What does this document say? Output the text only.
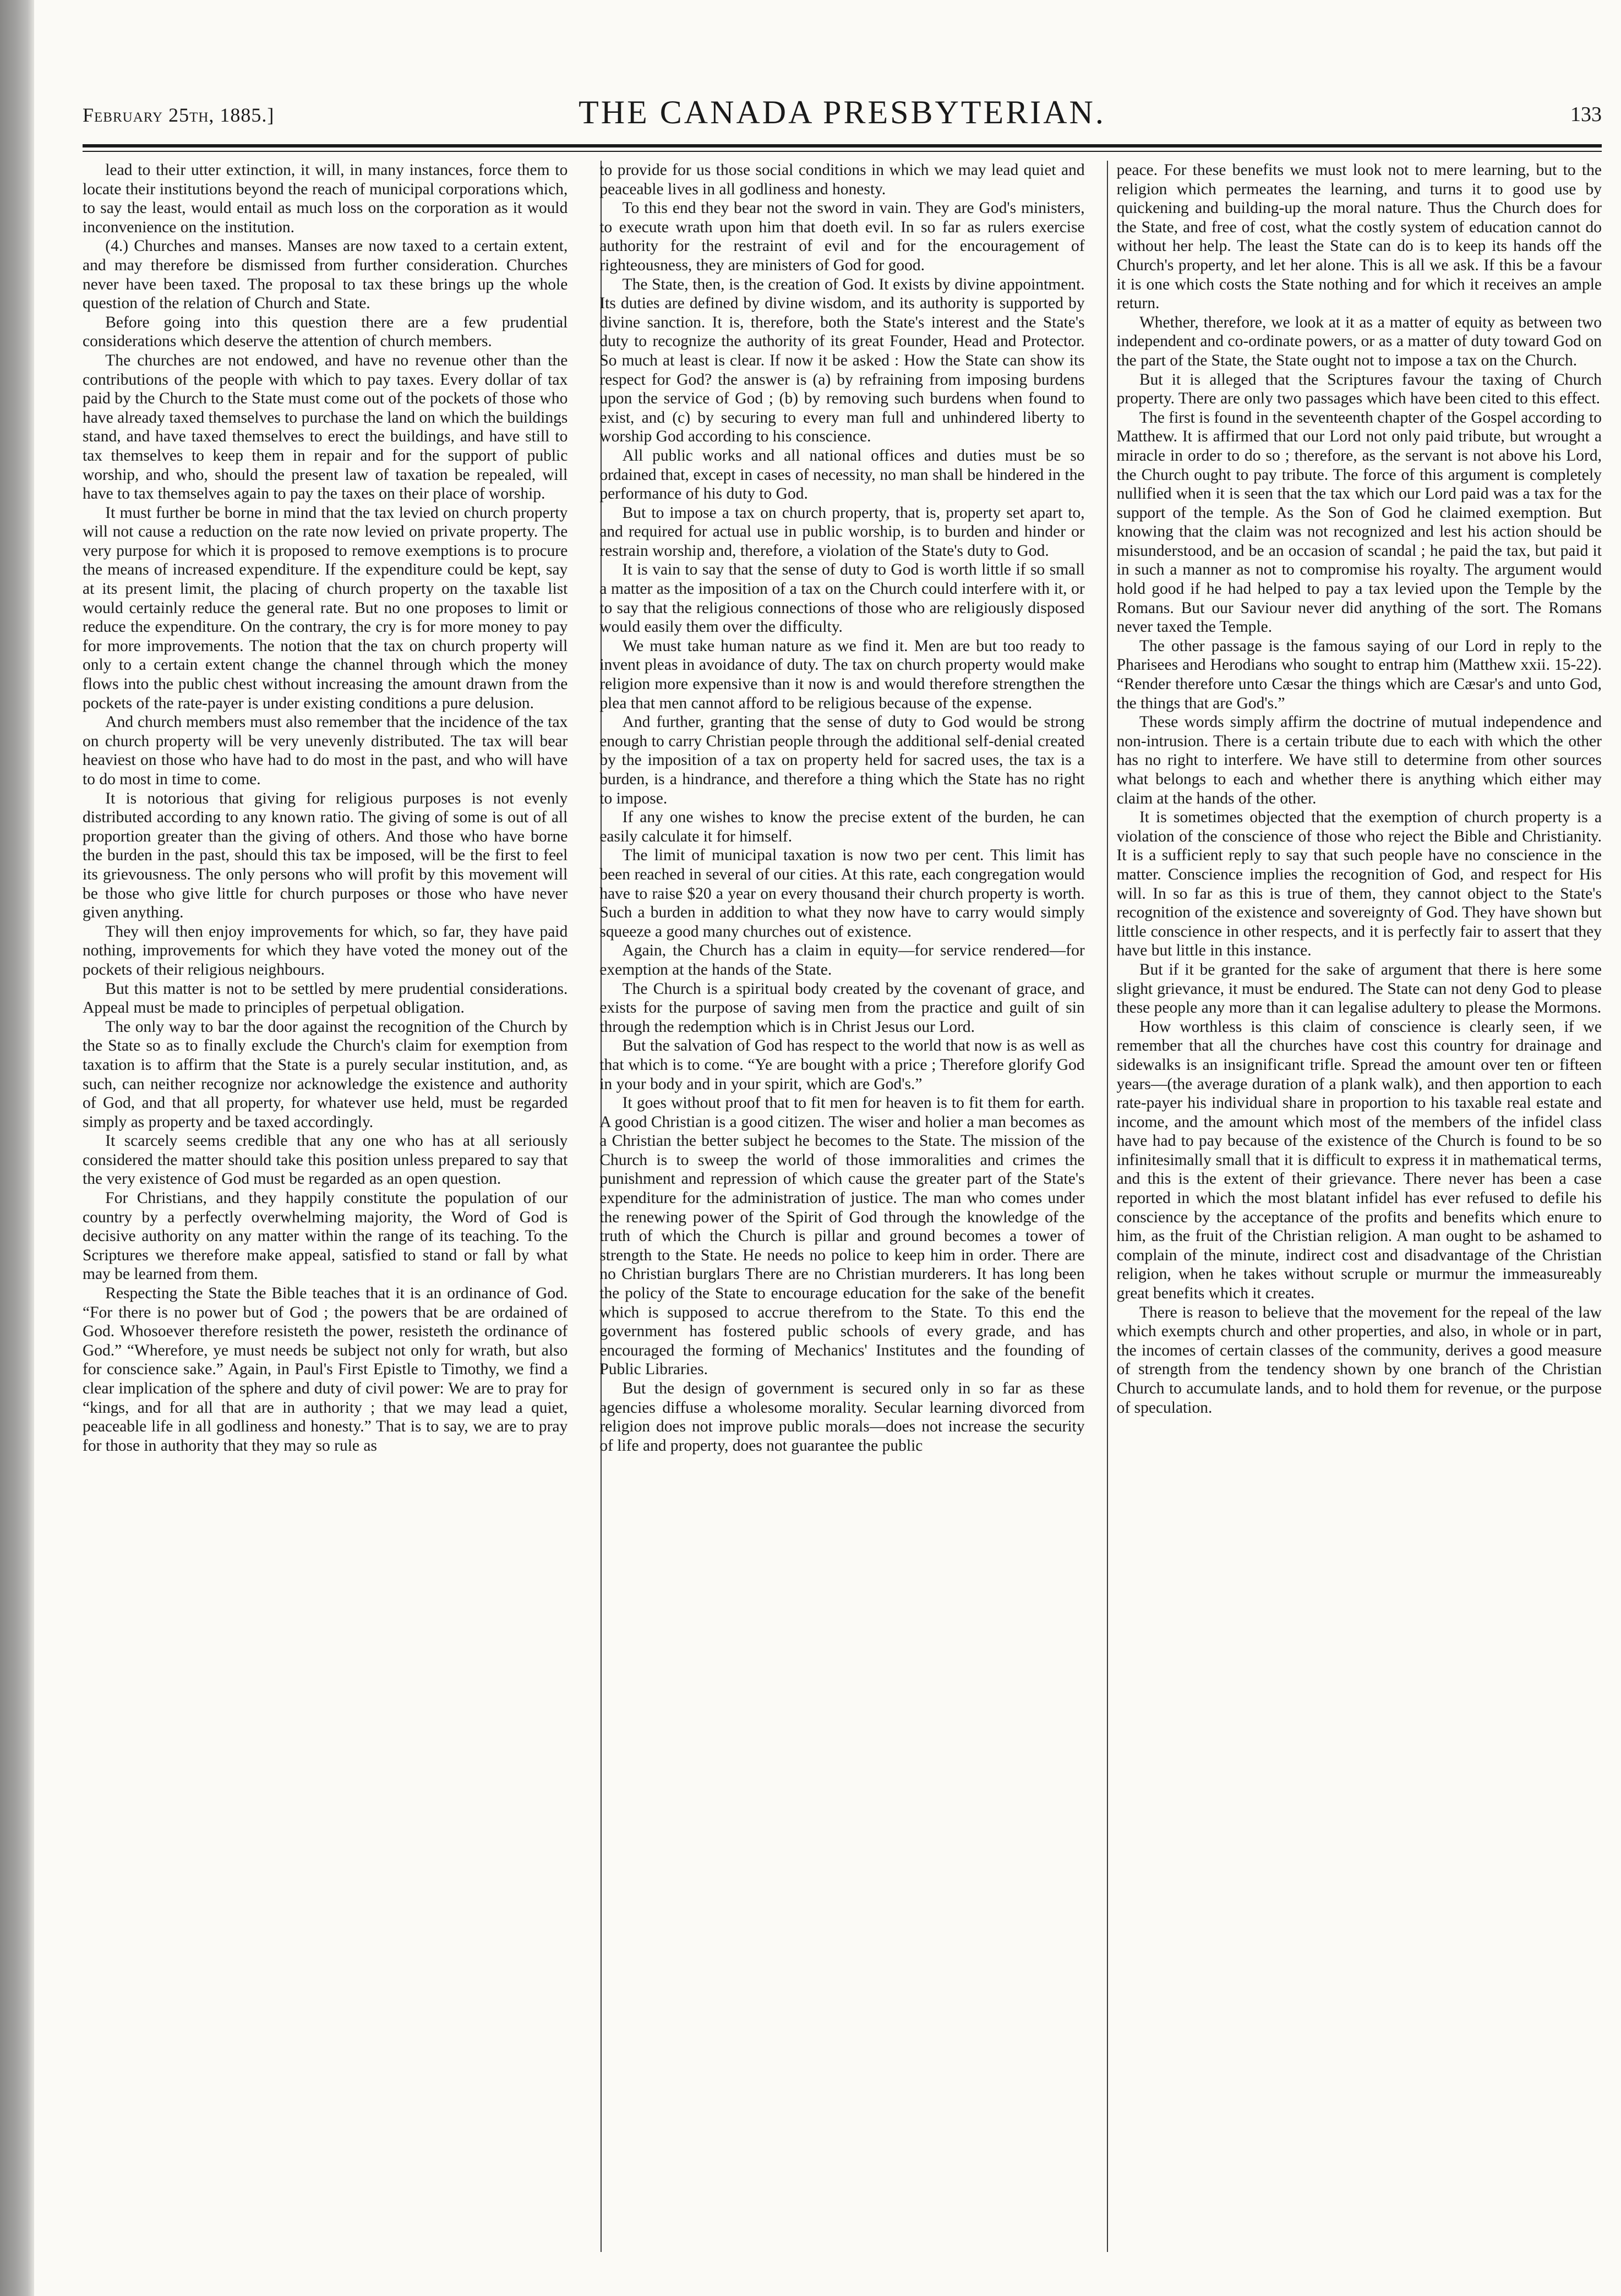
February 25th, 1885.]	THE CANADA PRESBYTERIAN.	133

lead to their utter extinction, it will, in many instances, force them to locate their institutions beyond the reach of municipal corporations which, to say the least, would entail as much loss on the corporation as it would inconvenience on the institution.

(4.) Churches and manses. Manses are now taxed to a certain extent, and may therefore be dismissed from further consideration. Churches never have been taxed. The proposal to tax these brings up the whole question of the relation of Church and State.

Before going into this question there are a few prudential considerations which deserve the attention of church members.

The churches are not endowed, and have no revenue other than the contributions of the people with which to pay taxes. Every dollar of tax paid by the Church to the State must come out of the pockets of those who have already taxed themselves to purchase the land on which the buildings stand, and have taxed themselves to erect the buildings, and have still to tax themselves to keep them in repair and for the support of public worship, and who, should the present law of taxation be repealed, will have to tax themselves again to pay the taxes on their place of worship.

It must further be borne in mind that the tax levied on church property will not cause a reduction on the rate now levied on private property. The very purpose for which it is proposed to remove exemptions is to procure the means of increased expenditure. If the expenditure could be kept, say at its present limit, the placing of church property on the taxable list would certainly reduce the general rate. But no one proposes to limit or reduce the expenditure. On the contrary, the cry is for more money to pay for more improvements. The notion that the tax on church property will only to a certain extent change the channel through which the money flows into the public chest without increasing the amount drawn from the pockets of the rate-payer is under existing conditions a pure delusion.

And church members must also remember that the incidence of the tax on church property will be very unevenly distributed. The tax will bear heaviest on those who have had to do most in the past, and who will have to do most in time to come.

It is notorious that giving for religious purposes is not evenly distributed according to any known ratio. The giving of some is out of all proportion greater than the giving of others. And those who have borne the burden in the past, should this tax be imposed, will be the first to feel its grievousness. The only persons who will profit by this movement will be those who give little for church purposes or those who have never given anything.

They will then enjoy improvements for which, so far, they have paid nothing, improvements for which they have voted the money out of the pockets of their religious neighbours.

But this matter is not to be settled by mere prudential considerations. Appeal must be made to principles of perpetual obligation.

The only way to bar the door against the recognition of the Church by the State so as to finally exclude the Church's claim for exemption from taxation is to affirm that the State is a purely secular institution, and, as such, can neither recognize nor acknowledge the existence and authority of God, and that all property, for whatever use held, must be regarded simply as property and be taxed accordingly.

It scarcely seems credible that any one who has at all seriously considered the matter should take this position unless prepared to say that the very existence of God must be regarded as an open question.

For Christians, and they happily constitute the population of our country by a perfectly overwhelming majority, the Word of God is decisive authority on any matter within the range of its teaching. To the Scriptures we therefore make appeal, satisfied to stand or fall by what may be learned from them.

Respecting the State the Bible teaches that it is an ordinance of God. “For there is no power but of God ; the powers that be are ordained of God. Whosoever therefore resisteth the power, resisteth the ordinance of God.” “Wherefore, ye must needs be subject not only for wrath, but also for conscience sake.” Again, in Paul's First Epistle to Timothy, we find a clear implication of the sphere and duty of civil power: We are to pray for “kings, and for all that are in authority ; that we may lead a quiet, peaceable life in all godliness and honesty.” That is to say, we are to pray for those in authority that they may so rule as

to provide for us those social conditions in which we may lead quiet and peaceable lives in all godliness and honesty.

To this end they bear not the sword in vain. They are God's ministers, to execute wrath upon him that doeth evil. In so far as rulers exercise authority for the restraint of evil and for the encouragement of righteousness, they are ministers of God for good.

The State, then, is the creation of God. It exists by divine appointment. Its duties are defined by divine wisdom, and its authority is supported by divine sanction. It is, therefore, both the State's interest and the State's duty to recognize the authority of its great Founder, Head and Protector. So much at least is clear. If now it be asked : How the State can show its respect for God? the answer is (a) by refraining from imposing burdens upon the service of God ; (b) by removing such burdens when found to exist, and (c) by securing to every man full and unhindered liberty to worship God according to his conscience.

All public works and all national offices and duties must be so ordained that, except in cases of necessity, no man shall be hindered in the performance of his duty to God.

But to impose a tax on church property, that is, property set apart to, and required for actual use in public worship, is to burden and hinder or restrain worship and, therefore, a violation of the State's duty to God.

It is vain to say that the sense of duty to God is worth little if so small a matter as the imposition of a tax on the Church could interfere with it, or to say that the religious connections of those who are religiously disposed would easily them over the difficulty.

We must take human nature as we find it. Men are but too ready to invent pleas in avoidance of duty. The tax on church property would make religion more expensive than it now is and would therefore strengthen the plea that men cannot afford to be religious because of the expense.

And further, granting that the sense of duty to God would be strong enough to carry Christian people through the additional self-denial created by the imposition of a tax on property held for sacred uses, the tax is a burden, is a hindrance, and therefore a thing which the State has no right to impose.

If any one wishes to know the precise extent of the burden, he can easily calculate it for himself.

The limit of municipal taxation is now two per cent. This limit has been reached in several of our cities. At this rate, each congregation would have to raise $20 a year on every thousand their church property is worth. Such a burden in addition to what they now have to carry would simply squeeze a good many churches out of existence.

Again, the Church has a claim in equity—for service rendered—for exemption at the hands of the State.

The Church is a spiritual body created by the covenant of grace, and exists for the purpose of saving men from the practice and guilt of sin through the redemption which is in Christ Jesus our Lord.

But the salvation of God has respect to the world that now is as well as that which is to come. “Ye are bought with a price ; Therefore glorify God in your body and in your spirit, which are God's.”

It goes without proof that to fit men for heaven is to fit them for earth. A good Christian is a good citizen. The wiser and holier a man becomes as a Christian the better subject he becomes to the State. The mission of the Church is to sweep the world of those immoralities and crimes the punishment and repression of which cause the greater part of the State's expenditure for the administration of justice. The man who comes under the renewing power of the Spirit of God through the knowledge of the truth of which the Church is pillar and ground becomes a tower of strength to the State. He needs no police to keep him in order. There are no Christian burglars There are no Christian murderers. It has long been the policy of the State to encourage education for the sake of the benefit which is supposed to accrue therefrom to the State. To this end the government has fostered public schools of every grade, and has encouraged the forming of Mechanics' Institutes and the founding of Public Libraries.

But the design of government is secured only in so far as these agencies diffuse a wholesome morality. Secular learning divorced from religion does not improve public morals—does not increase the security of life and property, does not guarantee the public

peace. For these benefits we must look not to mere learning, but to the religion which permeates the learning, and turns it to good use by quickening and building-up the moral nature. Thus the Church does for the State, and free of cost, what the costly system of education cannot do without her help. The least the State can do is to keep its hands off the Church's property, and let her alone. This is all we ask. If this be a favour it is one which costs the State nothing and for which it receives an ample return.

Whether, therefore, we look at it as a matter of equity as between two independent and co-ordinate powers, or as a matter of duty toward God on the part of the State, the State ought not to impose a tax on the Church.

But it is alleged that the Scriptures favour the taxing of Church property. There are only two passages which have been cited to this effect.

The first is found in the seventeenth chapter of the Gospel according to Matthew. It is affirmed that our Lord not only paid tribute, but wrought a miracle in order to do so ; therefore, as the servant is not above his Lord, the Church ought to pay tribute. The force of this argument is completely nullified when it is seen that the tax which our Lord paid was a tax for the support of the temple. As the Son of God he claimed exemption. But knowing that the claim was not recognized and lest his action should be misunderstood, and be an occasion of scandal ; he paid the tax, but paid it in such a manner as not to compromise his royalty. The argument would hold good if he had helped to pay a tax levied upon the Temple by the Romans. But our Saviour never did anything of the sort. The Romans never taxed the Temple.

The other passage is the famous saying of our Lord in reply to the Pharisees and Herodians who sought to entrap him (Matthew xxii. 15-22). “Render therefore unto Cæsar the things which are Cæsar's and unto God, the things that are God's.”

These words simply affirm the doctrine of mutual independence and non-intrusion. There is a certain tribute due to each with which the other has no right to interfere. We have still to determine from other sources what belongs to each and whether there is anything which either may claim at the hands of the other.

It is sometimes objected that the exemption of church property is a violation of the conscience of those who reject the Bible and Christianity. It is a sufficient reply to say that such people have no conscience in the matter. Conscience implies the recognition of God, and respect for His will. In so far as this is true of them, they cannot object to the State's recognition of the existence and sovereignty of God. They have shown but little conscience in other respects, and it is perfectly fair to assert that they have but little in this instance.

But if it be granted for the sake of argument that there is here some slight grievance, it must be endured. The State can not deny God to please these people any more than it can legalise adultery to please the Mormons.

How worthless is this claim of conscience is clearly seen, if we remember that all the churches have cost this country for drainage and sidewalks is an insignificant trifle. Spread the amount over ten or fifteen years—(the average duration of a plank walk), and then apportion to each rate-payer his individual share in proportion to his taxable real estate and income, and the amount which most of the members of the infidel class have had to pay because of the existence of the Church is found to be so infinitesimally small that it is difficult to express it in mathematical terms, and this is the extent of their grievance. There never has been a case reported in which the most blatant infidel has ever refused to defile his conscience by the acceptance of the profits and benefits which enure to him, as the fruit of the Christian religion. A man ought to be ashamed to complain of the minute, indirect cost and disadvantage of the Christian religion, when he takes without scruple or murmur the immeasureably great benefits which it creates.

There is reason to believe that the movement for the repeal of the law which exempts church and other properties, and also, in whole or in part, the incomes of certain classes of the community, derives a good measure of strength from the tendency shown by one branch of the Christian Church to accumulate lands, and to hold them for revenue, or the purpose of speculation.
